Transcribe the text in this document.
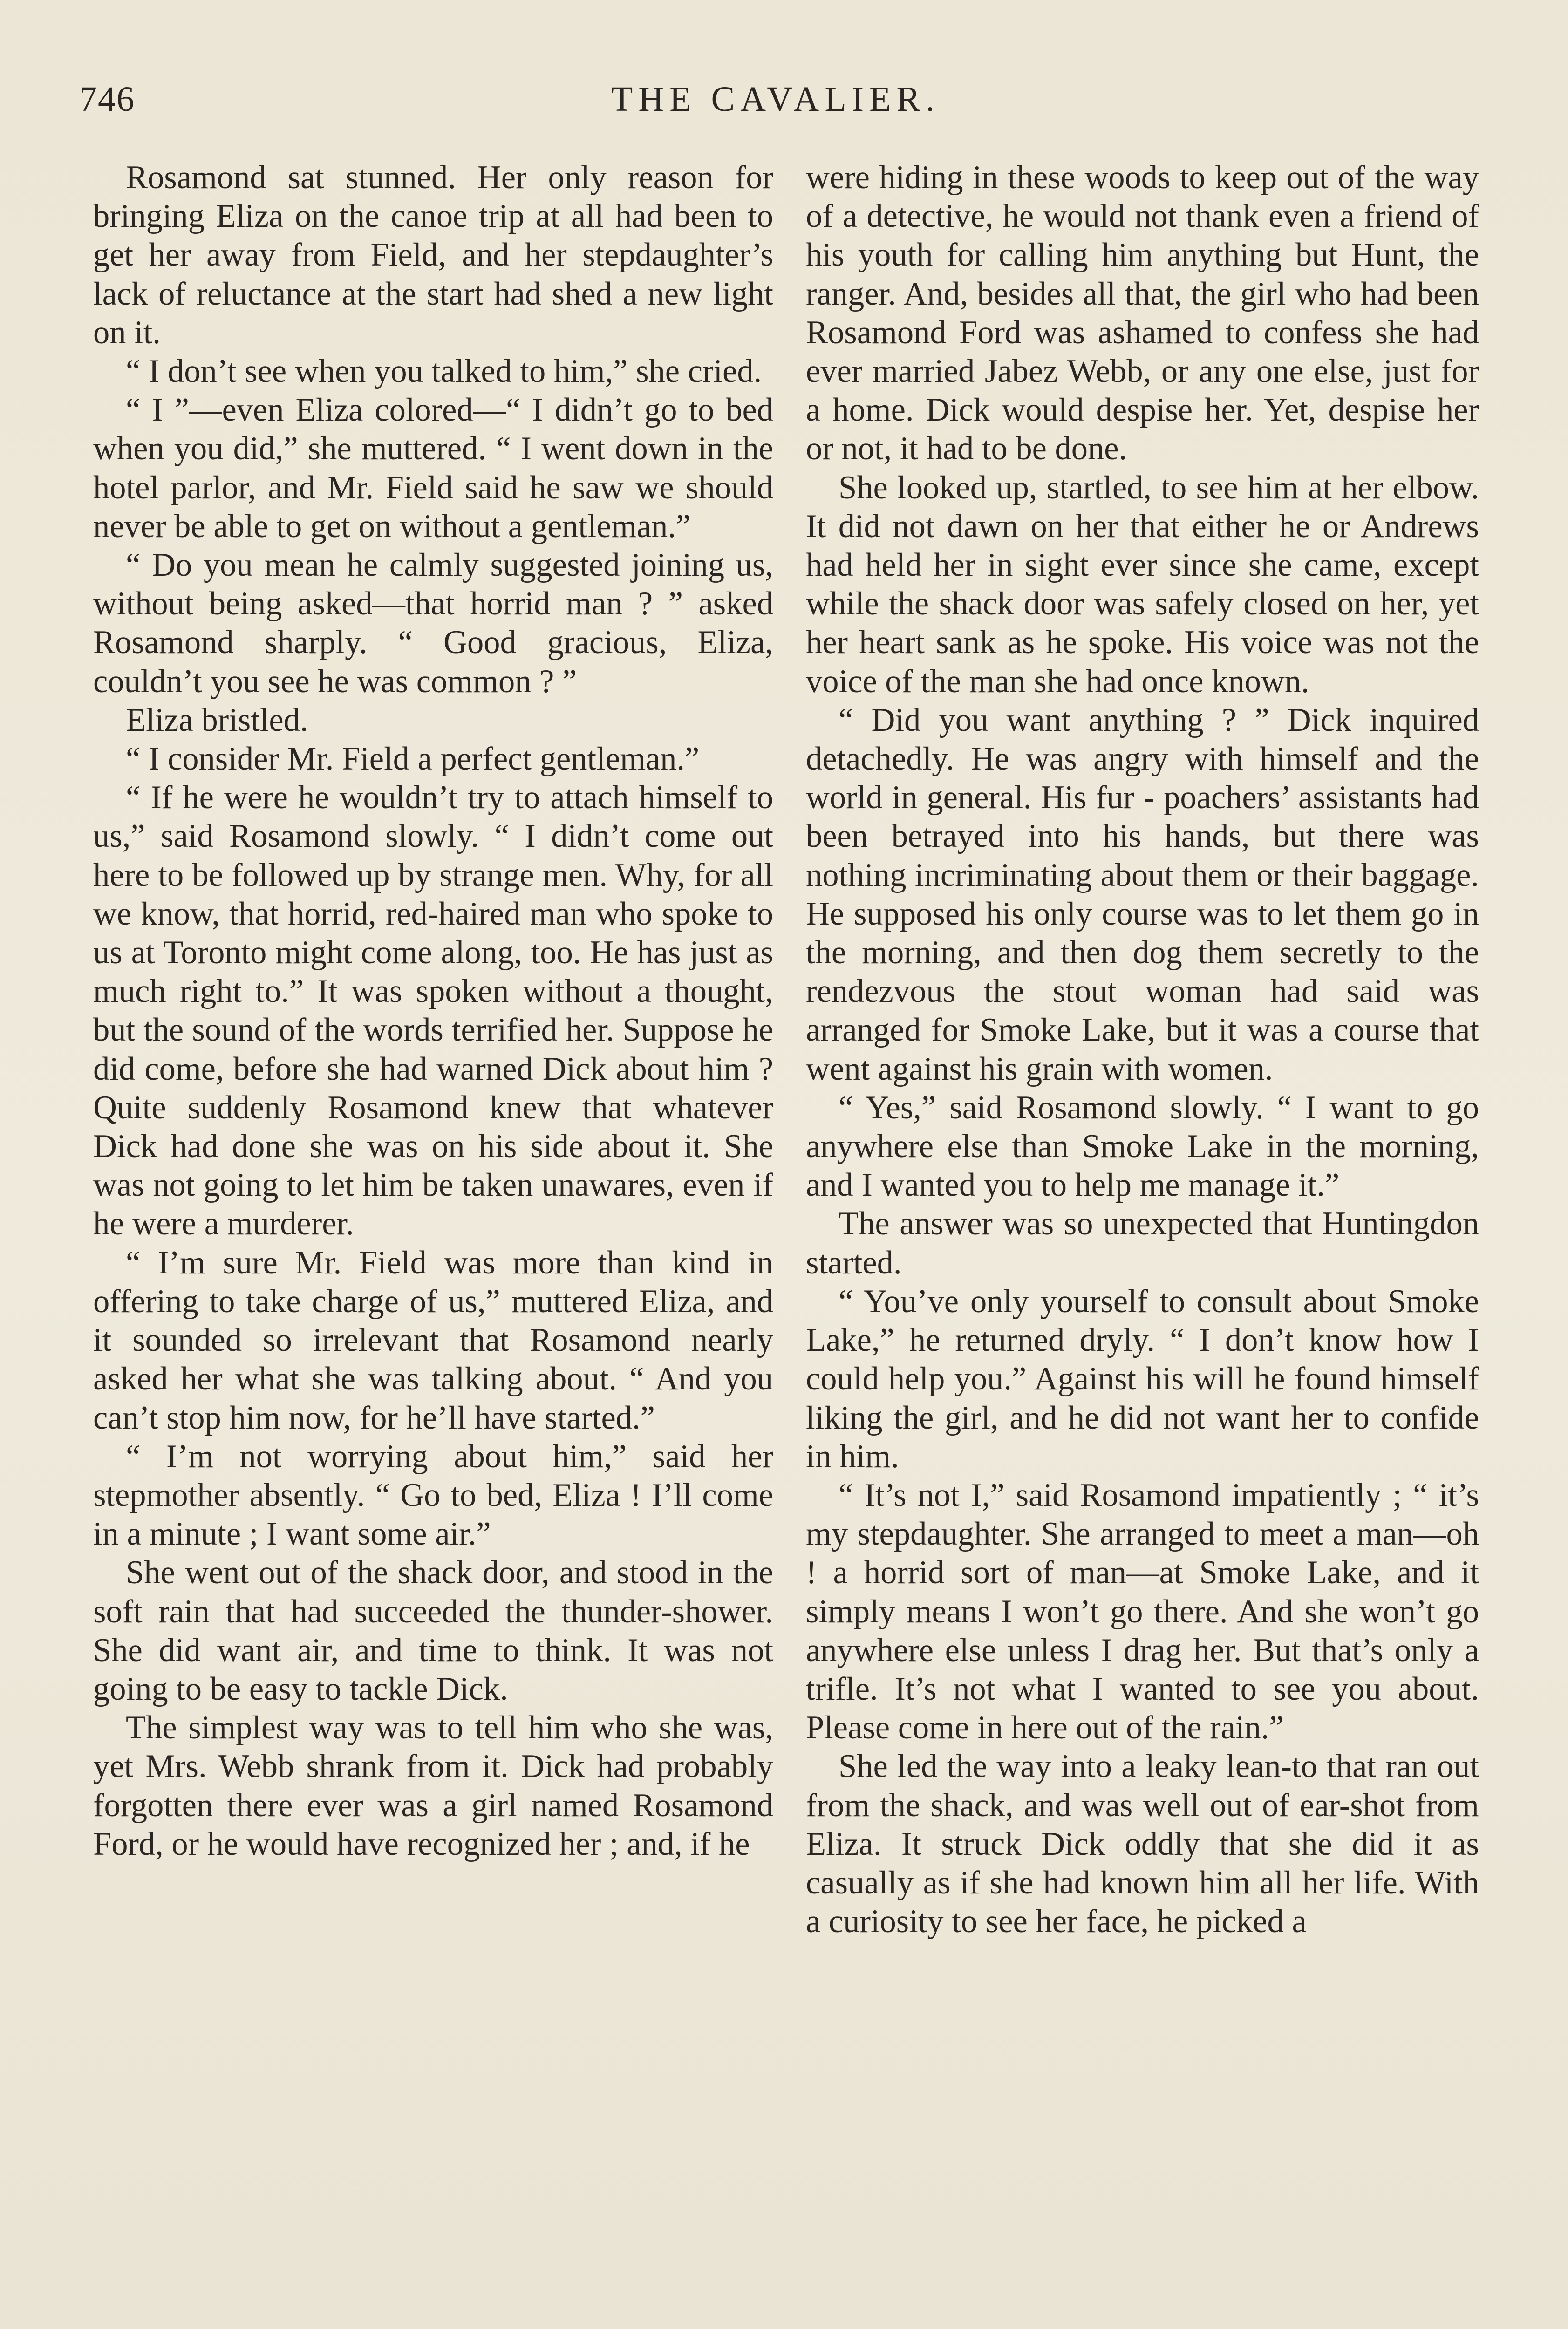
746	THE CAVALIER.

Rosamond sat stunned. Her only reason for bringing Eliza on the canoe trip at all had been to get her away from Field, and her stepdaughter’s lack of reluctance at the start had shed a new light on it.

“ I don’t see when you talked to him,” she cried.

“ I ”—even Eliza colored—“ I didn’t go to bed when you did,” she muttered. “ I went down in the hotel parlor, and Mr. Field said he saw we should never be able to get on without a gentleman.”

“ Do you mean he calmly suggested joining us, without being asked—that horrid man ? ” asked Rosamond sharply. “ Good gracious, Eliza, couldn’t you see he was common ? ”

Eliza bristled.

“ I consider Mr. Field a perfect gentleman.”

“ If he were he wouldn’t try to attach himself to us,” said Rosamond slowly. “ I didn’t come out here to be followed up by strange men. Why, for all we know, that horrid, red-haired man who spoke to us at Toronto might come along, too. He has just as much right to.” It was spoken without a thought, but the sound of the words terrified her. Suppose he did come, before she had warned Dick about him ? Quite suddenly Rosamond knew that whatever Dick had done she was on his side about it. She was not going to let him be taken unawares, even if he were a murderer.

“ I’m sure Mr. Field was more than kind in offering to take charge of us,” muttered Eliza, and it sounded so irrelevant that Rosamond nearly asked her what she was talking about. “ And you can’t stop him now, for he’ll have started.”

“ I’m not worrying about him,” said her stepmother absently. “ Go to bed, Eliza ! I’ll come in a minute ; I want some air.”

She went out of the shack door, and stood in the soft rain that had succeeded the thunder-shower. She did want air, and time to think. It was not going to be easy to tackle Dick.

The simplest way was to tell him who she was, yet Mrs. Webb shrank from it. Dick had probably forgotten there ever was a girl named Rosamond Ford, or he would have recognized her ; and, if he

were hiding in these woods to keep out of the way of a detective, he would not thank even a friend of his youth for calling him anything but Hunt, the ranger. And, besides all that, the girl who had been Rosamond Ford was ashamed to confess she had ever married Jabez Webb, or any one else, just for a home. Dick would despise her. Yet, despise her or not, it had to be done.

She looked up, startled, to see him at her elbow. It did not dawn on her that either he or Andrews had held her in sight ever since she came, except while the shack door was safely closed on her, yet her heart sank as he spoke. His voice was not the voice of the man she had once known.

“ Did you want anything ? ” Dick inquired detachedly. He was angry with himself and the world in general. His fur - poachers’ assistants had been betrayed into his hands, but there was nothing incriminating about them or their baggage. He supposed his only course was to let them go in the morning, and then dog them secretly to the rendezvous the stout woman had said was arranged for Smoke Lake, but it was a course that went against his grain with women.

“ Yes,” said Rosamond slowly. “ I want to go anywhere else than Smoke Lake in the morning, and I wanted you to help me manage it.”

The answer was so unexpected that Huntingdon started.

“ You’ve only yourself to consult about Smoke Lake,” he returned dryly. “ I don’t know how I could help you.” Against his will he found himself liking the girl, and he did not want her to confide in him.

“ It’s not I,” said Rosamond impatiently ; “ it’s my stepdaughter. She arranged to meet a man—oh ! a horrid sort of man—at Smoke Lake, and it simply means I won’t go there. And she won’t go anywhere else unless I drag her. But that’s only a trifle. It’s not what I wanted to see you about. Please come in here out of the rain.”

She led the way into a leaky lean-to that ran out from the shack, and was well out of ear-shot from Eliza. It struck Dick oddly that she did it as casually as if she had known him all her life. With a curiosity to see her face, he picked a
